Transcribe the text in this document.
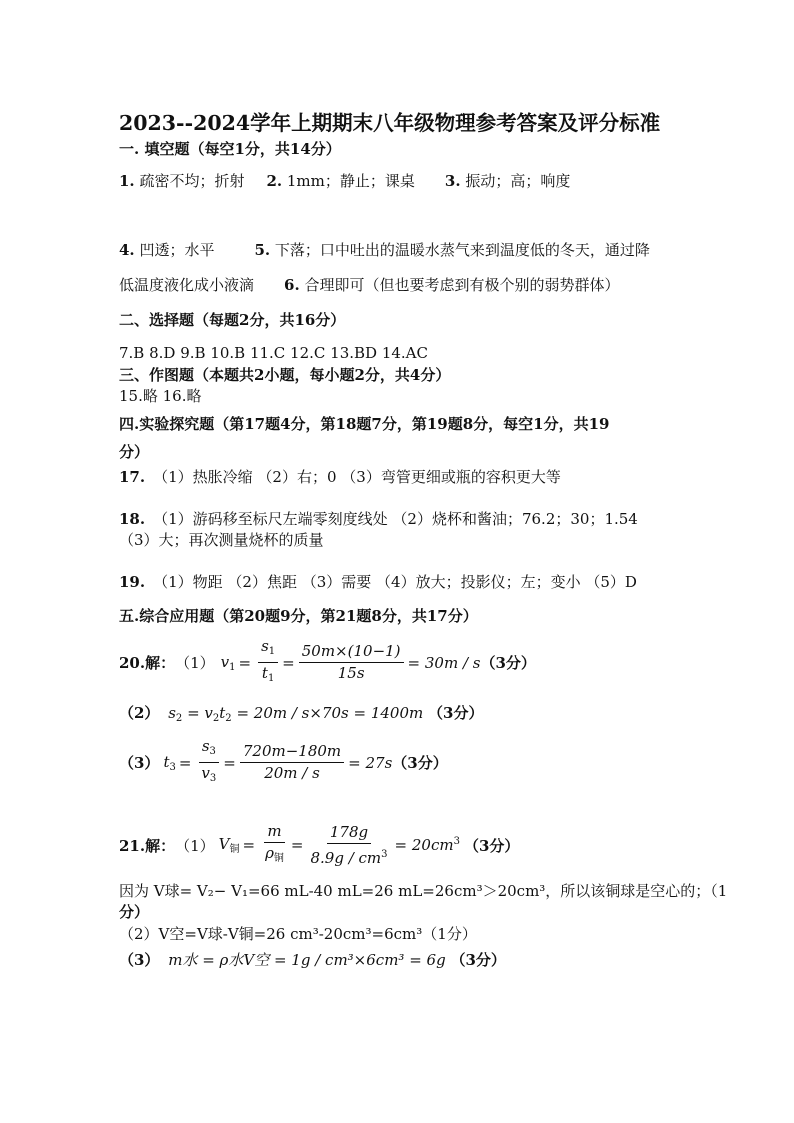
2023--2024学年上期期末八年级物理参考答案及评分标准
一. 填空题（每空1分，共14分）
1. 疏密不均；折射 2. 1mm；静止；课桌 3. 振动；高；响度
4. 凹透；水平	5. 下落；口中吐出的温暖水蒸气来到温度低的冬天，通过降
低温度液化成小液滴 6. 合理即可（但也要考虑到有极个别的弱势群体）
二、选择题（每题2分，共16分）
7.B 8.D 9.B 10.B 11.C 12.C 13.BD 14.AC
三、作图题（本题共2小题，每小题2分，共4分）
15.略 16.略
四.实验探究题（第17题4分，第18题7分，第19题8分，每空1分，共19
分）
17. （1）热胀冷缩 （2）右；0 （3）弯管更细或瓶的容积更大等
18. （1）游码移至标尺左端零刻度线处 （2）烧杯和酱油；76.2；30；1.54
（3）大；再次测量烧杯的质量
19. （1）物距 （2）焦距 （3）需要 （4）放大；投影仪；左；变小 （5）D
五.综合应用题（第20题9分，第21题8分，共17分）
20.解： （1） $v_1 = \frac{s_1}{t_1} = \frac{50m\times(10-1)}{15s} = 30m / s$ （3分）
（2） $s_2 = v_2t_2 = 20m / s\times 70s = 1400m$ （3分）
（3） $t_3 = \frac{s_3}{v_3} = \frac{720m-180m}{20m / s} = 27s$ （3分）
21.解： （1） $V_铜 = \frac{m}{\rho_铜} = \frac{178g}{8.9g / cm^3} = 20cm^3$ （3分）
因为 V球= V₂− V₁=66 mL-40 mL=26 mL=26cm³＞20cm³，所以该铜球是空心的；（1
分）
（2）V空=V球-V铜=26 cm³-20cm³=6cm³（1分）
（3） m水 = ρ水V空 = 1g / cm³×6cm³ = 6g （3分）
